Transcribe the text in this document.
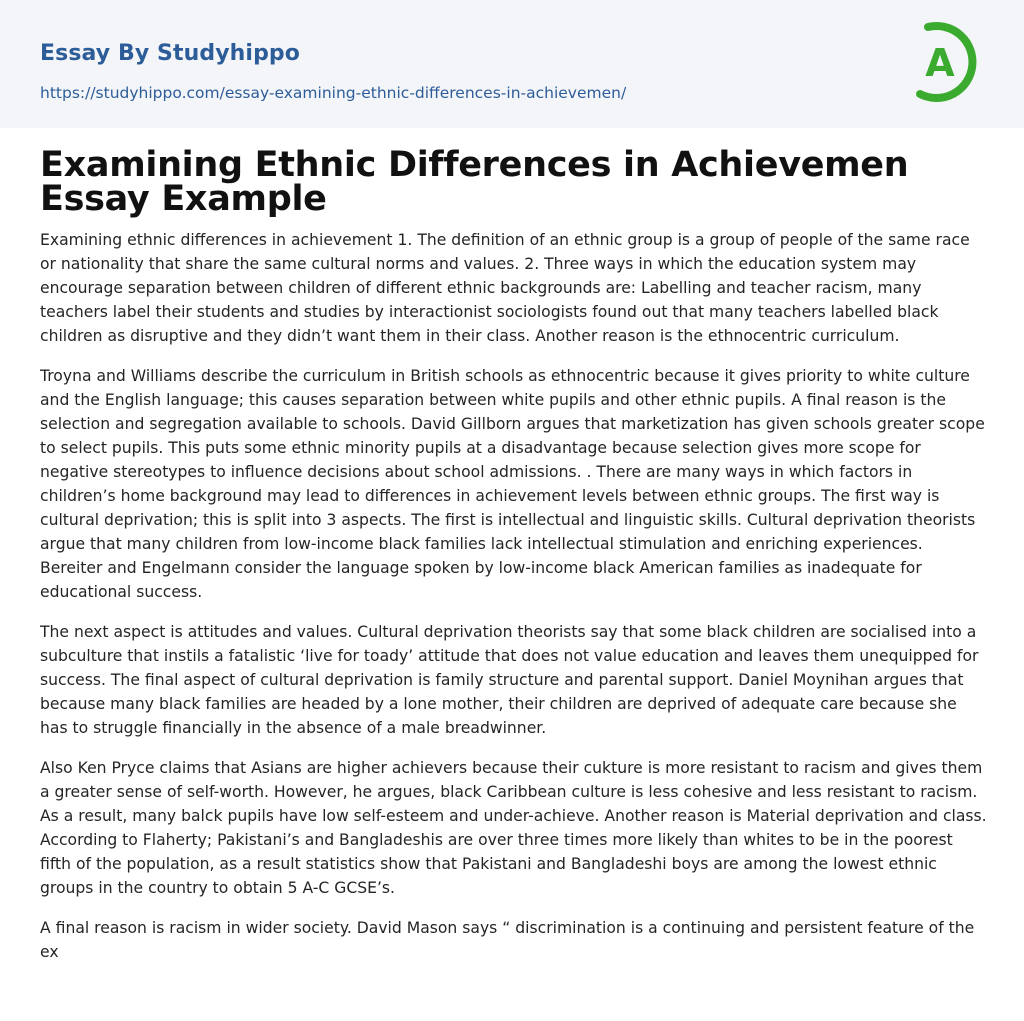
Essay By Studyhippo
https://studyhippo.com/essay-examining-ethnic-differences-in-achievemen/
A
Examining Ethnic Differences in Achievemen Essay Example

Examining ethnic differences in achievement 1. The definition of an ethnic group is a group of people of the same race or nationality that share the same cultural norms and values. 2. Three ways in which the education system may encourage separation between children of different ethnic backgrounds are: Labelling and teacher racism, many teachers label their students and studies by interactionist sociologists found out that many teachers labelled black children as disruptive and they didn’t want them in their class. Another reason is the ethnocentric curriculum.

Troyna and Williams describe the curriculum in British schools as ethnocentric because it gives priority to white culture and the English language; this causes separation between white pupils and other ethnic pupils. A final reason is the selection and segregation available to schools. David Gillborn argues that marketization has given schools greater scope to select pupils. This puts some ethnic minority pupils at a disadvantage because selection gives more scope for negative stereotypes to influence decisions about school admissions. . There are many ways in which factors in children’s home background may lead to differences in achievement levels between ethnic groups. The first way is cultural deprivation; this is split into 3 aspects. The first is intellectual and linguistic skills. Cultural deprivation theorists argue that many children from low-income black families lack intellectual stimulation and enriching experiences. Bereiter and Engelmann consider the language spoken by low-income black American families as inadequate for educational success.

The next aspect is attitudes and values. Cultural deprivation theorists say that some black children are socialised into a subculture that instils a fatalistic ‘live for toady’ attitude that does not value education and leaves them unequipped for success. The final aspect of cultural deprivation is family structure and parental support. Daniel Moynihan argues that because many black families are headed by a lone mother, their children are deprived of adequate care because she has to struggle financially in the absence of a male breadwinner.

Also Ken Pryce claims that Asians are higher achievers because their cukture is more resistant to racism and gives them a greater sense of self-worth. However, he argues, black Caribbean culture is less cohesive and less resistant to racism. As a result, many balck pupils have low self-esteem and under-achieve. Another reason is Material deprivation and class. According to Flaherty; Pakistani’s and Bangladeshis are over three times more likely than whites to be in the poorest fifth of the population, as a result statistics show that Pakistani and Bangladeshi boys are among the lowest ethnic groups in the country to obtain 5 A-C GCSE’s.

A final reason is racism in wider society. David Mason says “ discrimination is a continuing and persistent feature of the ex
